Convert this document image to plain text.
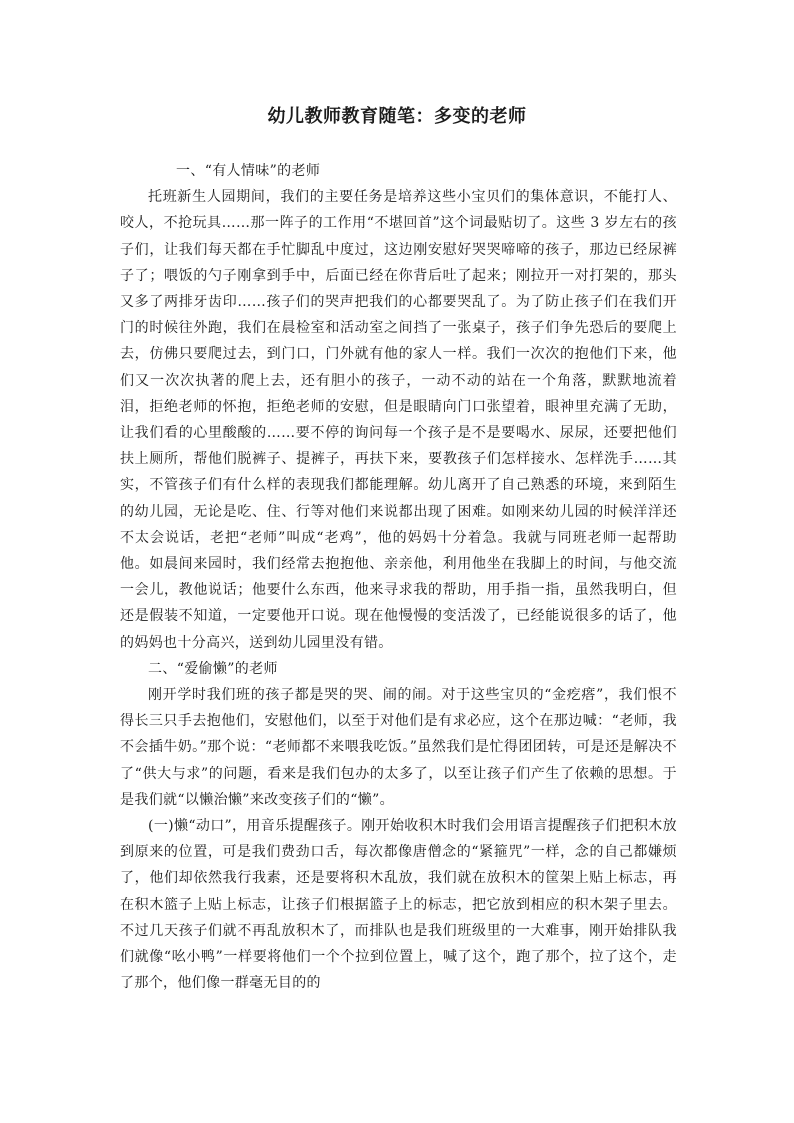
幼儿教师教育随笔：多变的老师

一、“有人情味”的老师

托班新生人园期间，我们的主要任务是培养这些小宝贝们的集体意识，不能打人、咬人，不抢玩具……那一阵子的工作用“不堪回首”这个词最贴切了。这些 3 岁左右的孩子们，让我们每天都在手忙脚乱中度过，这边刚安慰好哭哭啼啼的孩子，那边已经尿裤子了；喂饭的勺子刚拿到手中，后面已经在你背后吐了起来；刚拉开一对打架的，那头又多了两排牙齿印……孩子们的哭声把我们的心都要哭乱了。为了防止孩子们在我们开门的时候往外跑，我们在晨检室和活动室之间挡了一张桌子，孩子们争先恐后的要爬上去，仿佛只要爬过去，到门口，门外就有他的家人一样。我们一次次的抱他们下来，他们又一次次执著的爬上去，还有胆小的孩子，一动不动的站在一个角落，默默地流着泪，拒绝老师的怀抱，拒绝老师的安慰，但是眼睛向门口张望着，眼神里充满了无助，让我们看的心里酸酸的……要不停的询问每一个孩子是不是要喝水、尿尿，还要把他们扶上厕所，帮他们脱裤子、提裤子，再扶下来，要教孩子们怎样接水、怎样洗手……其实，不管孩子们有什么样的表现我们都能理解。幼儿离开了自己熟悉的环境，来到陌生的幼儿园，无论是吃、住、行等对他们来说都出现了困难。如刚来幼儿园的时候洋洋还不太会说话，老把“老师”叫成“老鸡”，他的妈妈十分着急。我就与同班老师一起帮助他。如晨间来园时，我们经常去抱抱他、亲亲他，利用他坐在我脚上的时间，与他交流一会儿，教他说话；他要什么东西，他来寻求我的帮助，用手指一指，虽然我明白，但还是假装不知道，一定要他开口说。现在他慢慢的变活泼了，已经能说很多的话了，他的妈妈也十分高兴，送到幼儿园里没有错。

二、“爱偷懒”的老师

刚开学时我们班的孩子都是哭的哭、闹的闹。对于这些宝贝的“金疙瘩”，我们恨不得长三只手去抱他们，安慰他们，以至于对他们是有求必应，这个在那边喊：“老师，我不会插牛奶。”那个说：“老师都不来喂我吃饭。”虽然我们是忙得团团转，可是还是解决不了“供大与求”的问题，看来是我们包办的太多了，以至让孩子们产生了依赖的思想。于是我们就“以懒治懒”来改变孩子们的“懒”。

(一)懒“动口”，用音乐提醒孩子。刚开始收积木时我们会用语言提醒孩子们把积木放到原来的位置，可是我们费劲口舌，每次都像唐僧念的“紧箍咒”一样，念的自己都嫌烦了，他们却依然我行我素，还是要将积木乱放，我们就在放积木的筐架上贴上标志，再在积木篮子上贴上标志，让孩子们根据篮子上的标志，把它放到相应的积木架子里去。不过几天孩子们就不再乱放积木了，而排队也是我们班级里的一大难事，刚开始排队我们就像“吆小鸭”一样要将他们一个个拉到位置上，喊了这个，跑了那个，拉了这个，走了那个，他们像一群毫无目的的
